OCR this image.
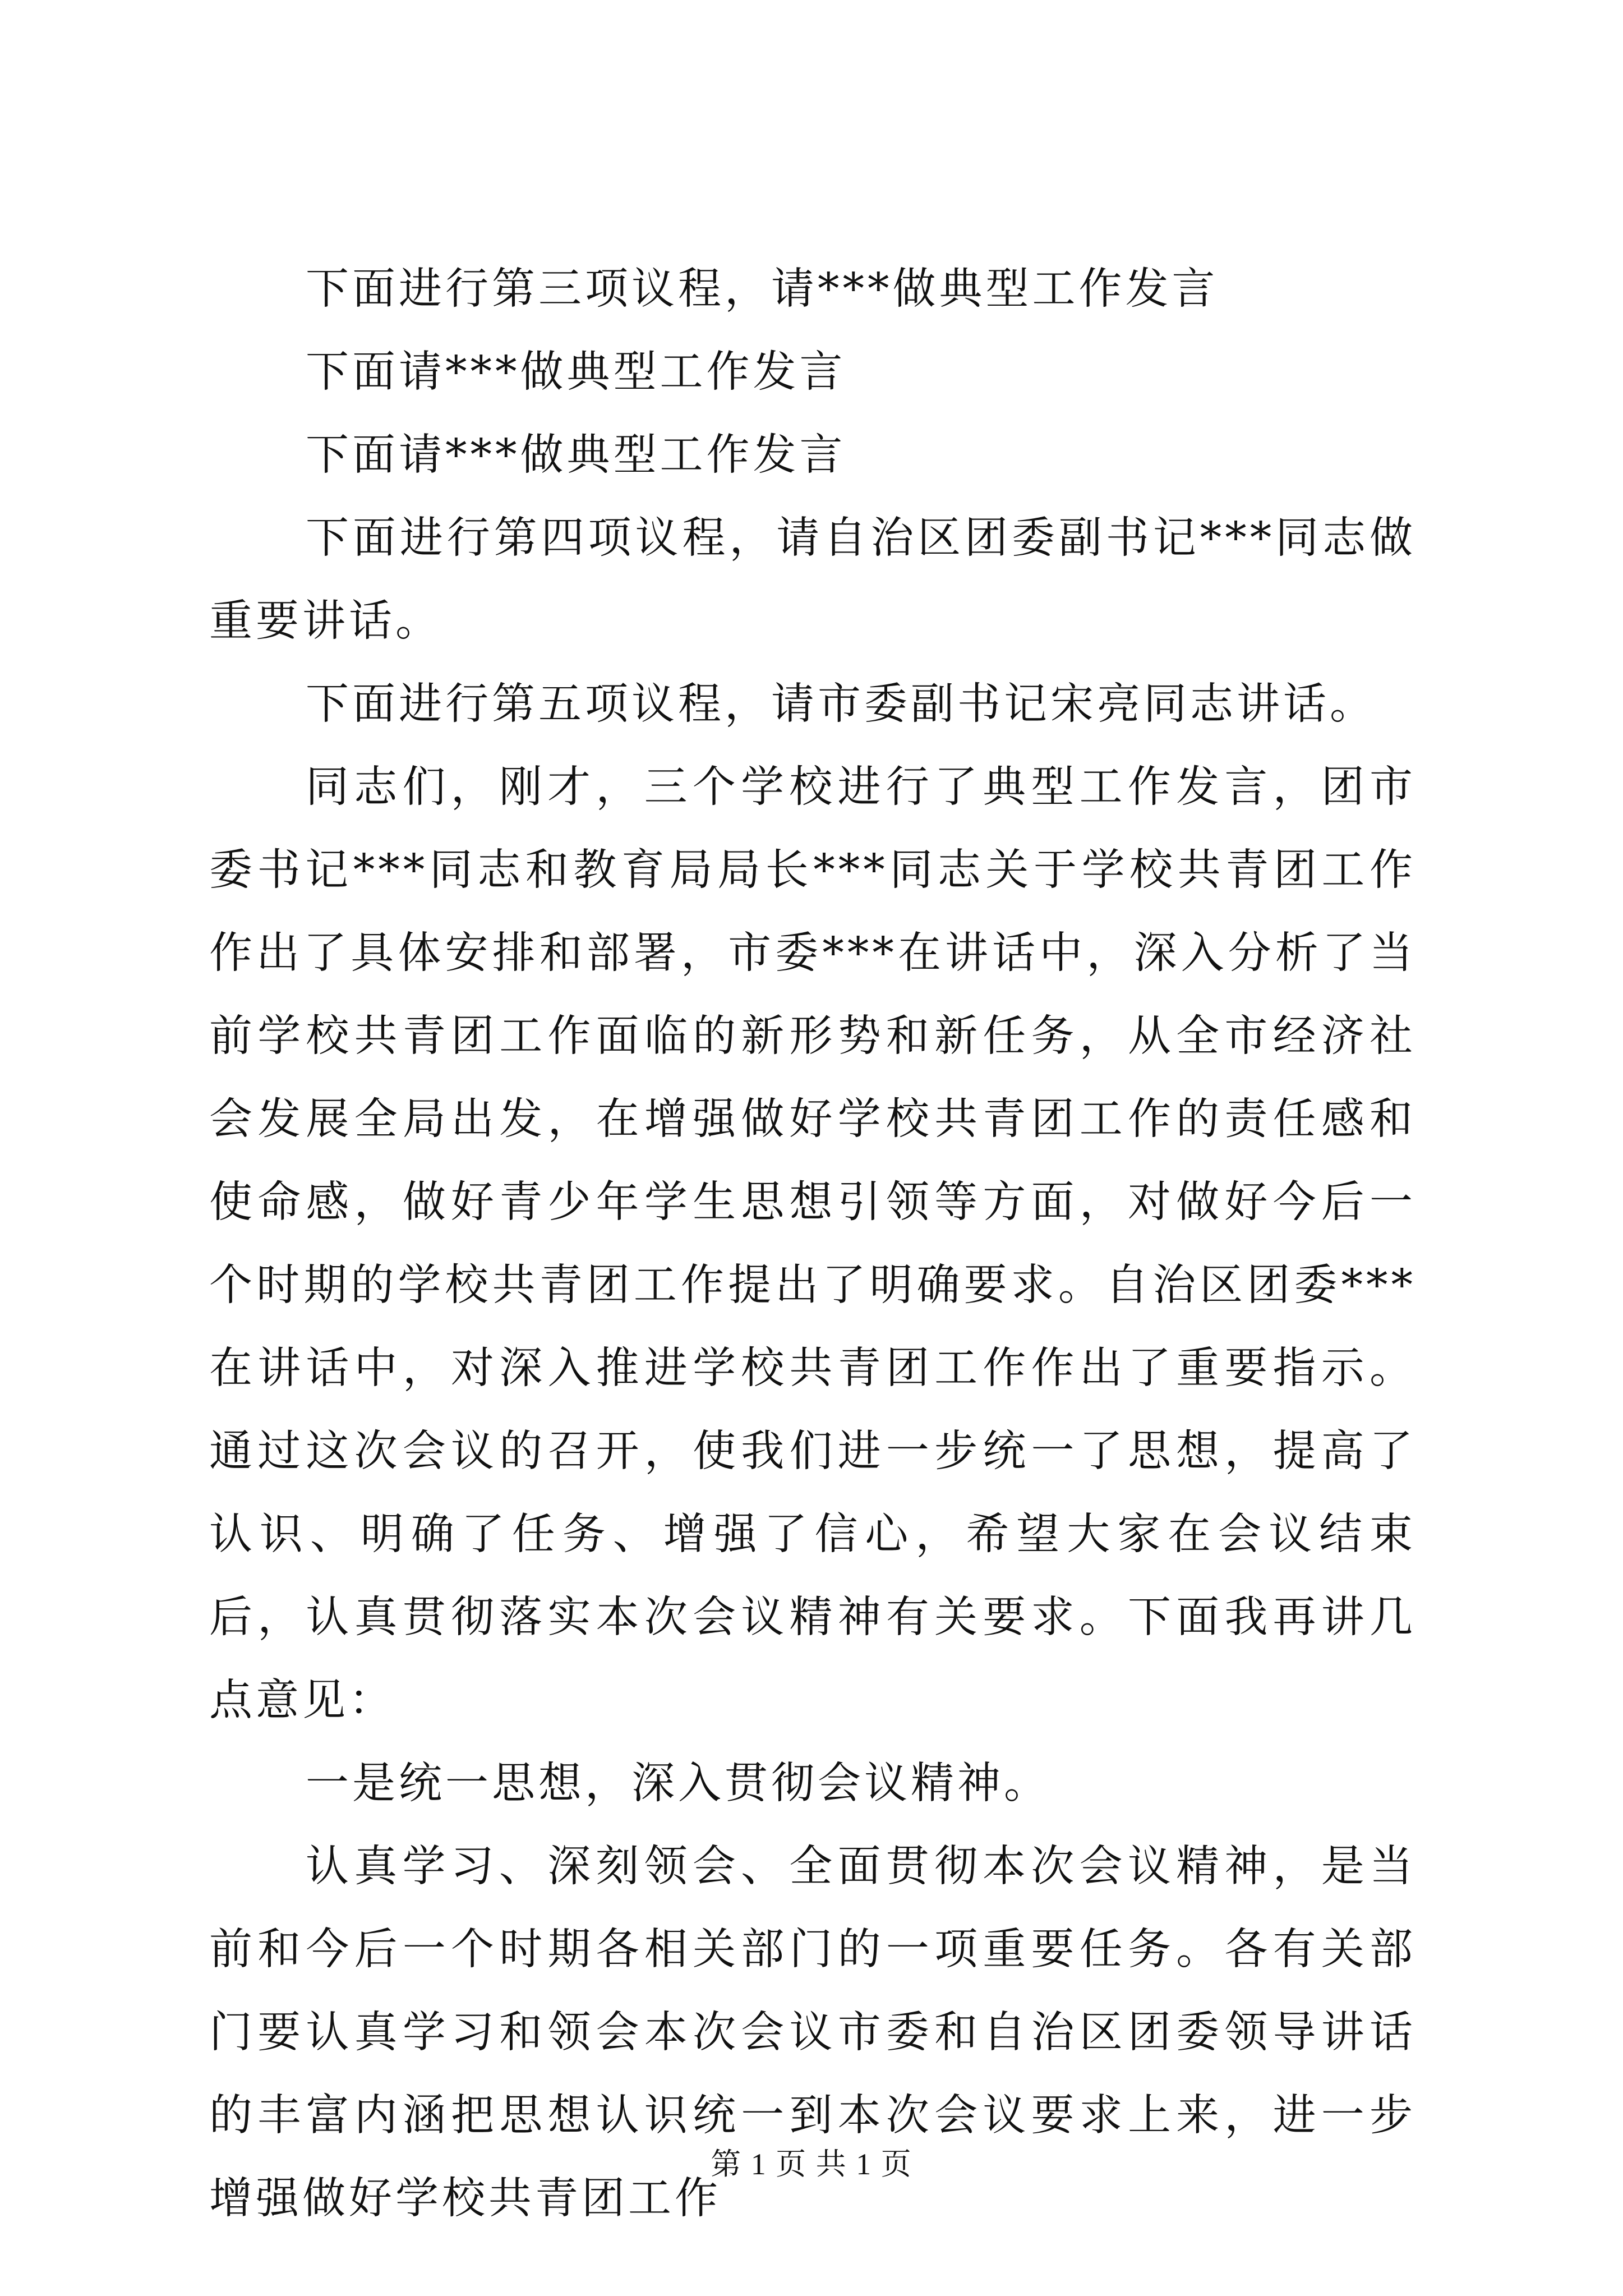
下面进行第三项议程，请***做典型工作发言

下面请***做典型工作发言

下面请***做典型工作发言

下面进行第四项议程，请自治区团委副书记***同志做重要讲话。

下面进行第五项议程，请市委副书记宋亮同志讲话。

同志们，刚才，三个学校进行了典型工作发言，团市委书记***同志和教育局局长***同志关于学校共青团工作作出了具体安排和部署，市委***在讲话中，深入分析了当前学校共青团工作面临的新形势和新任务，从全市经济社会发展全局出发，在增强做好学校共青团工作的责任感和使命感，做好青少年学生思想引领等方面，对做好今后一个时期的学校共青团工作提出了明确要求。自治区团委***在讲话中，对深入推进学校共青团工作作出了重要指示。通过这次会议的召开，使我们进一步统一了思想，提高了认识、明确了任务、增强了信心，希望大家在会议结束后，认真贯彻落实本次会议精神有关要求。下面我再讲几点意见：

一是统一思想，深入贯彻会议精神。

认真学习、深刻领会、全面贯彻本次会议精神，是当前和今后一个时期各相关部门的一项重要任务。各有关部门要认真学习和领会本次会议市委和自治区团委领导讲话的丰富内涵把思想认识统一到本次会议要求上来，进一步增强做好学校共青团工作

第 1 页 共 1 页
